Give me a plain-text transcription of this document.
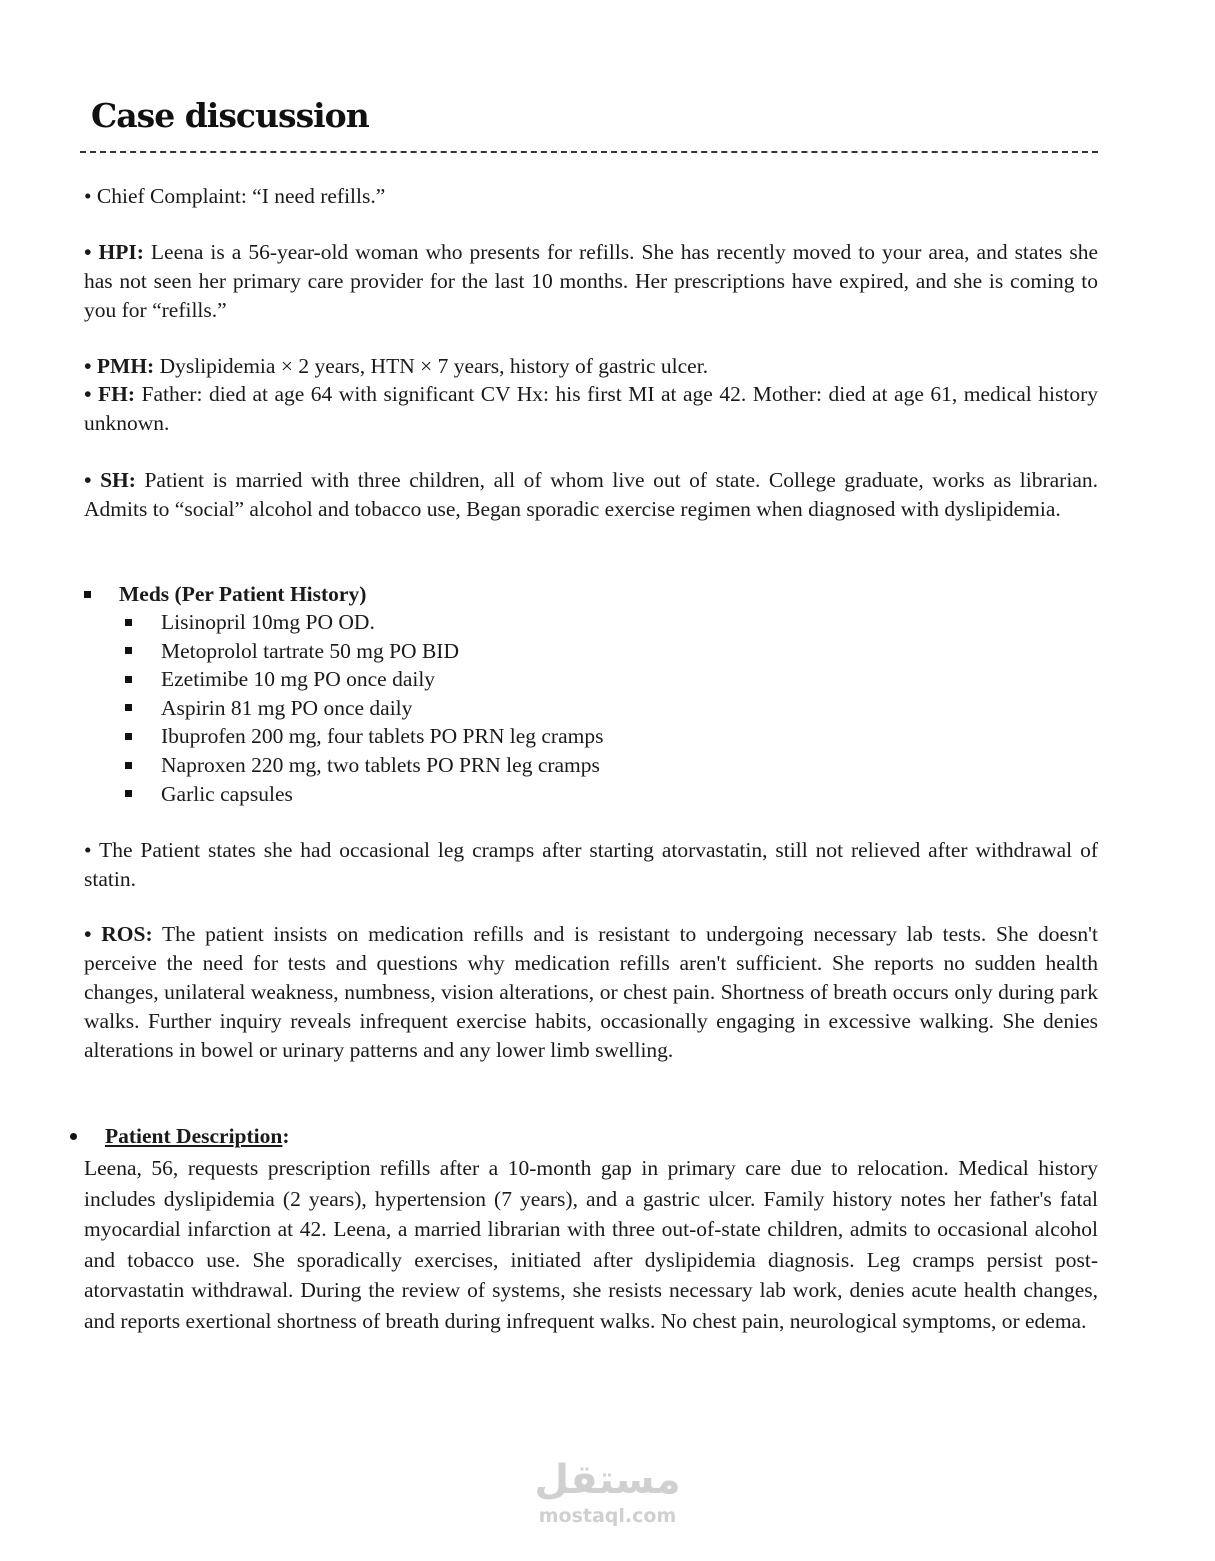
Case discussion

• Chief Complaint: “I need refills.”

• HPI: Leena is a 56-year-old woman who presents for refills. She has recently moved to your area, and states she has not seen her primary care provider for the last 10 months. Her prescriptions have expired, and she is coming to you for “refills.”

• PMH: Dyslipidemia × 2 years, HTN × 7 years, history of gastric ulcer.

• FH: Father: died at age 64 with significant CV Hx: his first MI at age 42. Mother: died at age 61, medical history unknown.

• SH: Patient is married with three children, all of whom live out of state. College graduate, works as librarian. Admits to “social” alcohol and tobacco use, Began sporadic exercise regimen when diagnosed with dyslipidemia.

Meds (Per Patient History)
Lisinopril 10mg PO OD.
Metoprolol tartrate 50 mg PO BID
Ezetimibe 10 mg PO once daily
Aspirin 81 mg PO once daily
Ibuprofen 200 mg, four tablets PO PRN leg cramps
Naproxen 220 mg, two tablets PO PRN leg cramps
Garlic capsules

• The Patient states she had occasional leg cramps after starting atorvastatin, still not relieved after withdrawal of statin.

• ROS: The patient insists on medication refills and is resistant to undergoing necessary lab tests. She doesn't perceive the need for tests and questions why medication refills aren't sufficient. She reports no sudden health changes, unilateral weakness, numbness, vision alterations, or chest pain. Shortness of breath occurs only during park walks. Further inquiry reveals infrequent exercise habits, occasionally engaging in excessive walking. She denies alterations in bowel or urinary patterns and any lower limb swelling.

Patient Description:

Leena, 56, requests prescription refills after a 10-month gap in primary care due to relocation. Medical history includes dyslipidemia (2 years), hypertension (7 years), and a gastric ulcer. Family history notes her father's fatal myocardial infarction at 42. Leena, a married librarian with three out-of-state children, admits to occasional alcohol and tobacco use. She sporadically exercises, initiated after dyslipidemia diagnosis. Leg cramps persist post-atorvastatin withdrawal. During the review of systems, she resists necessary lab work, denies acute health changes, and reports exertional shortness of breath during infrequent walks. No chest pain, neurological symptoms, or edema.

مستقل
mostaql.com
